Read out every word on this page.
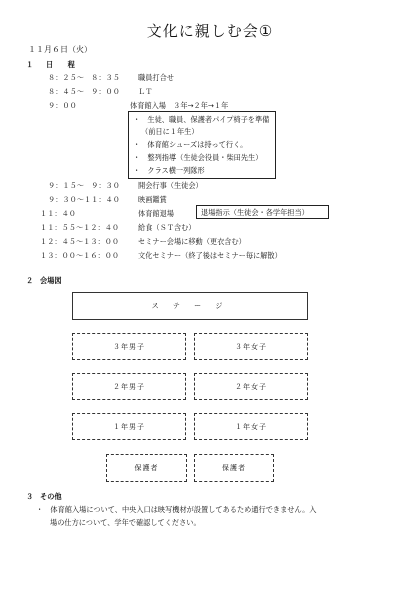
文化に親しむ会①
１１月６日（火）
１ 日　　程
８：２５～　８：３５	職員打合せ
８：４５～　９：００	ＬＴ
９：００	体育館入場　３年→２年→１年
・　生徒、職員、保護者パイプ椅子を準備
（前日に１年生）
・　体育館シューズは持って行く。
・　整列指導（生徒会役員・柴田先生）
・　クラス横一列隊形
９：１５～　９：３０	開会行事（生徒会）
９：３０～１１：４０	映画鑑賞
１１：４０	体育館退場	退場指示（生徒会・各学年担当）
１１：５５～１２：４０	給食（ＳＴ含む）
１２：４５～１３：００	セミナー会場に移動（更衣含む）
１３：００～１６：００	文化セミナー（終了後はセミナー毎に解散）
２ 会場図
ス テ ー ジ
３年男子	３年女子
２年男子	２年女子
１年男子	１年女子
保護者	保護者
３ その他
・　体育館入場について、中央入口は映写機材が設置してあるため通行できません。入
場の仕方について、学年で確認してください。
